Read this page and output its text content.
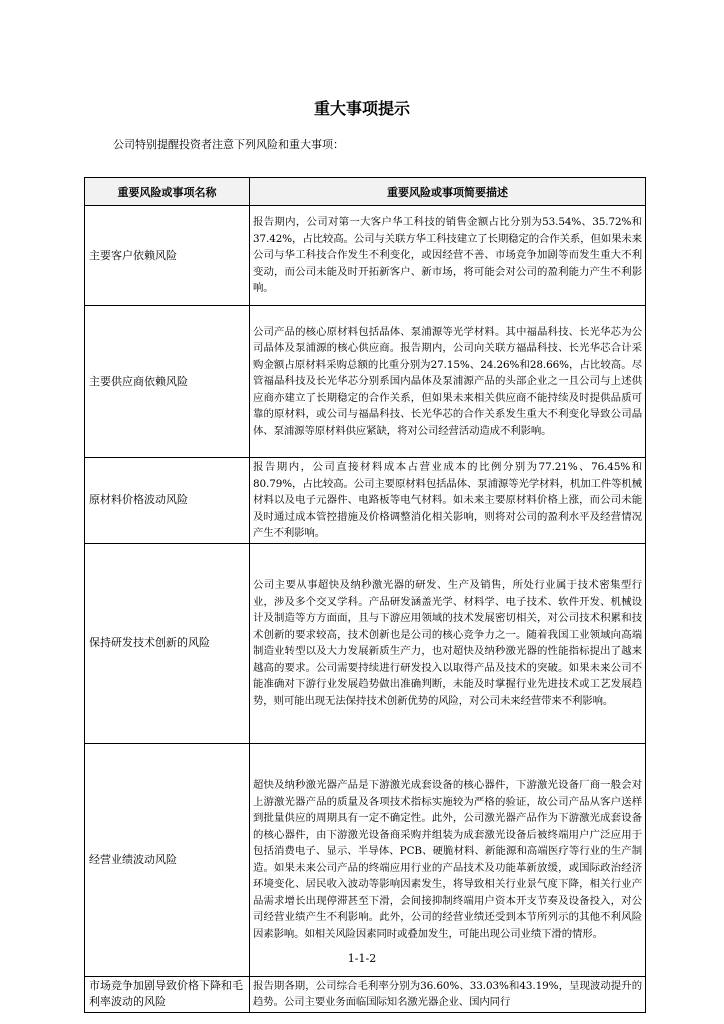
重大事项提示
公司特别提醒投资者注意下列风险和重大事项：
重要风险或事项名称	重要风险或事项简要描述
主要客户依赖风险	报告期内，公司对第一大客户华工科技的销售金额占比分别为53.54%、35.72%和37.42%，占比较高。公司与关联方华工科技建立了长期稳定的合作关系，但如果未来公司与华工科技合作发生不利变化，或因经营不善、市场竞争加剧等而发生重大不利变动，而公司未能及时开拓新客户、新市场，将可能会对公司的盈利能力产生不利影响。
主要供应商依赖风险	公司产品的核心原材料包括晶体、泵浦源等光学材料。其中福晶科技、长光华芯为公司晶体及泵浦源的核心供应商。报告期内，公司向关联方福晶科技、长光华芯合计采购金额占原材料采购总额的比重分别为27.15%、24.26%和28.66%，占比较高。尽管福晶科技及长光华芯分别系国内晶体及泵浦源产品的头部企业之一且公司与上述供应商亦建立了长期稳定的合作关系，但如果未来相关供应商不能持续及时提供品质可靠的原材料，或公司与福晶科技、长光华芯的合作关系发生重大不利变化导致公司晶体、泵浦源等原材料供应紧缺，将对公司经营活动造成不利影响。
原材料价格波动风险	报告期内，公司直接材料成本占营业成本的比例分别为77.21%、76.45%和80.79%，占比较高。公司主要原材料包括晶体、泵浦源等光学材料，机加工件等机械材料以及电子元器件、电路板等电气材料。如未来主要原材料价格上涨，而公司未能及时通过成本管控措施及价格调整消化相关影响，则将对公司的盈利水平及经营情况产生不利影响。
保持研发技术创新的风险	公司主要从事超快及纳秒激光器的研发、生产及销售，所处行业属于技术密集型行业，涉及多个交叉学科。产品研发涵盖光学、材料学、电子技术、软件开发、机械设计及制造等方方面面，且与下游应用领域的技术发展密切相关，对公司技术积累和技术创新的要求较高，技术创新也是公司的核心竞争力之一。随着我国工业领域向高端制造业转型以及大力发展新质生产力，也对超快及纳秒激光器的性能指标提出了越来越高的要求。公司需要持续进行研发投入以取得产品及技术的突破。如果未来公司不能准确对下游行业发展趋势做出准确判断，未能及时掌握行业先进技术或工艺发展趋势，则可能出现无法保持技术创新优势的风险，对公司未来经营带来不利影响。
经营业绩波动风险	超快及纳秒激光器产品是下游激光成套设备的核心器件，下游激光设备厂商一般会对上游激光器产品的质量及各项技术指标实施较为严格的验证，故公司产品从客户送样到批量供应的周期具有一定不确定性。此外，公司激光器产品作为下游激光成套设备的核心器件，由下游激光设备商采购并组装为成套激光设备后被终端用户广泛应用于包括消费电子、显示、半导体、PCB、硬脆材料、新能源和高端医疗等行业的生产制造。如果未来公司产品的终端应用行业的产品技术及功能革新放缓，或国际政治经济环境变化、居民收入波动等影响因素发生，将导致相关行业景气度下降，相关行业产品需求增长出现停滞甚至下滑，会间接抑制终端用户资本开支节奏及设备投入，对公司经营业绩产生不利影响。此外，公司的经营业绩还受到本节所列示的其他不利风险因素影响。如相关风险因素同时或叠加发生，可能出现公司业绩下滑的情形。
市场竞争加剧导致价格下降和毛利率波动的风险	报告期各期，公司综合毛利率分别为36.60%、33.03%和43.19%，呈现波动提升的趋势。公司主要业务面临国际知名激光器企业、国内同行
1-1-2
